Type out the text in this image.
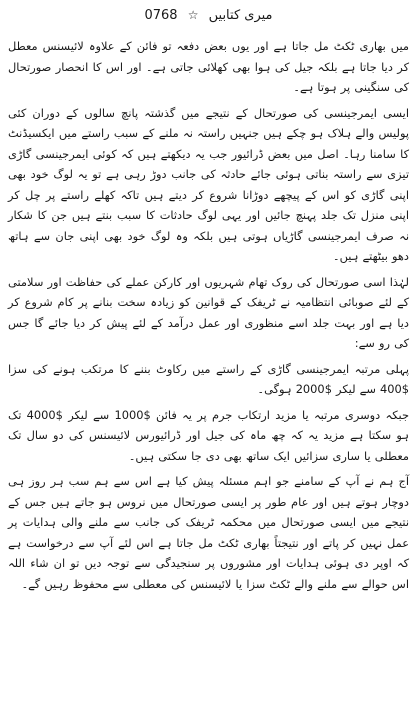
میری کتابیں ☆ 0768

میں بھاری ٹکٹ مل جاتا ہے اور یوں بعض دفعہ تو فائن کے علاوہ لائیسنس معطل کر دیا جاتا ہے بلکہ جیل کی ہوا بھی کھلائی جاتی ہے۔ اور اس کا انحصار صورتحال کی سنگینی پر ہوتا ہے۔

ایسی ایمرجینسی کی صورتحال کے نتیجے میں گذشتہ پانچ سالوں کے دوران کئی پولیس والے ہلاک ہو چکے ہیں جنہیں راستہ نہ ملنے کے سبب راستے میں ایکسیڈنٹ کا سامنا رہا۔ اصل میں بعض ڈرائیور جب یہ دیکھتے ہیں کہ کوئی ایمرجینسی گاڑی تیزی سے راستہ بناتی ہوئی جائے حادثہ کی جانب دوڑ رہی ہے تو یہ لوگ خود بھی اپنی گاڑی کو اس کے پیچھے دوڑانا شروع کر دیتے ہیں تاکہ کھلے راستے پر چل کر اپنی منزل تک جلد پہنچ جائیں اور یہی لوگ حادثات کا سبب بنتے ہیں جن کا شکار نہ صرف ایمرجینسی گاڑیاں ہوتی ہیں بلکہ وہ لوگ خود بھی اپنی جان سے ہاتھ دھو بیٹھتے ہیں۔

لہٰذا اسی صورتحال کی روک تھام شہریوں اور کارکن عملے کی حفاظت اور سلامتی کے لئے صوبائی انتظامیہ نے ٹریفک کے قوانین کو زیادہ سخت بنانے پر کام شروع کر دیا ہے اور بہت جلد اسے منظوری اور عمل درآمد کے لئے پیش کر دیا جائے گا جس کی رو سے:

پہلی مرتبہ ایمرجینسی گاڑی کے راستے میں رکاوٹ بننے کا مرتکب ہونے کی سزا $400 سے لیکر $2000 ہوگی۔

جبکہ دوسری مرتبہ یا مزید ارتکاب جرم پر یہ فائن $1000 سے لیکر $4000 تک ہو سکتا ہے مزید یہ کہ چھ ماہ کی جیل اور ڈرائیورس لائیسنس کی دو سال تک معطلی یا ساری سزائیں ایک ساتھ بھی دی جا سکتی ہیں۔

آج ہم نے آپ کے سامنے جو اہم مسئلہ پیش کیا ہے اس سے ہم سب ہر روز ہی دوچار ہوتے ہیں اور عام طور پر ایسی صورتحال میں نروس ہو جاتے ہیں جس کے نتیجے میں ایسی صورتحال میں محکمہ ٹریفک کی جانب سے ملنے والی ہدایات پر عمل نہیں کر پاتے اور نتیجتاً بھاری ٹکٹ مل جاتا ہے اس لئے آپ سے درخواست ہے کہ اوپر دی ہوئی ہدایات اور مشوروں پر سنجیدگی سے توجہ دیں تو ان شاء اللہ اس حوالے سے ملنے والے ٹکٹ سزا یا لائیسنس کی معطلی سے محفوظ رہیں گے۔
